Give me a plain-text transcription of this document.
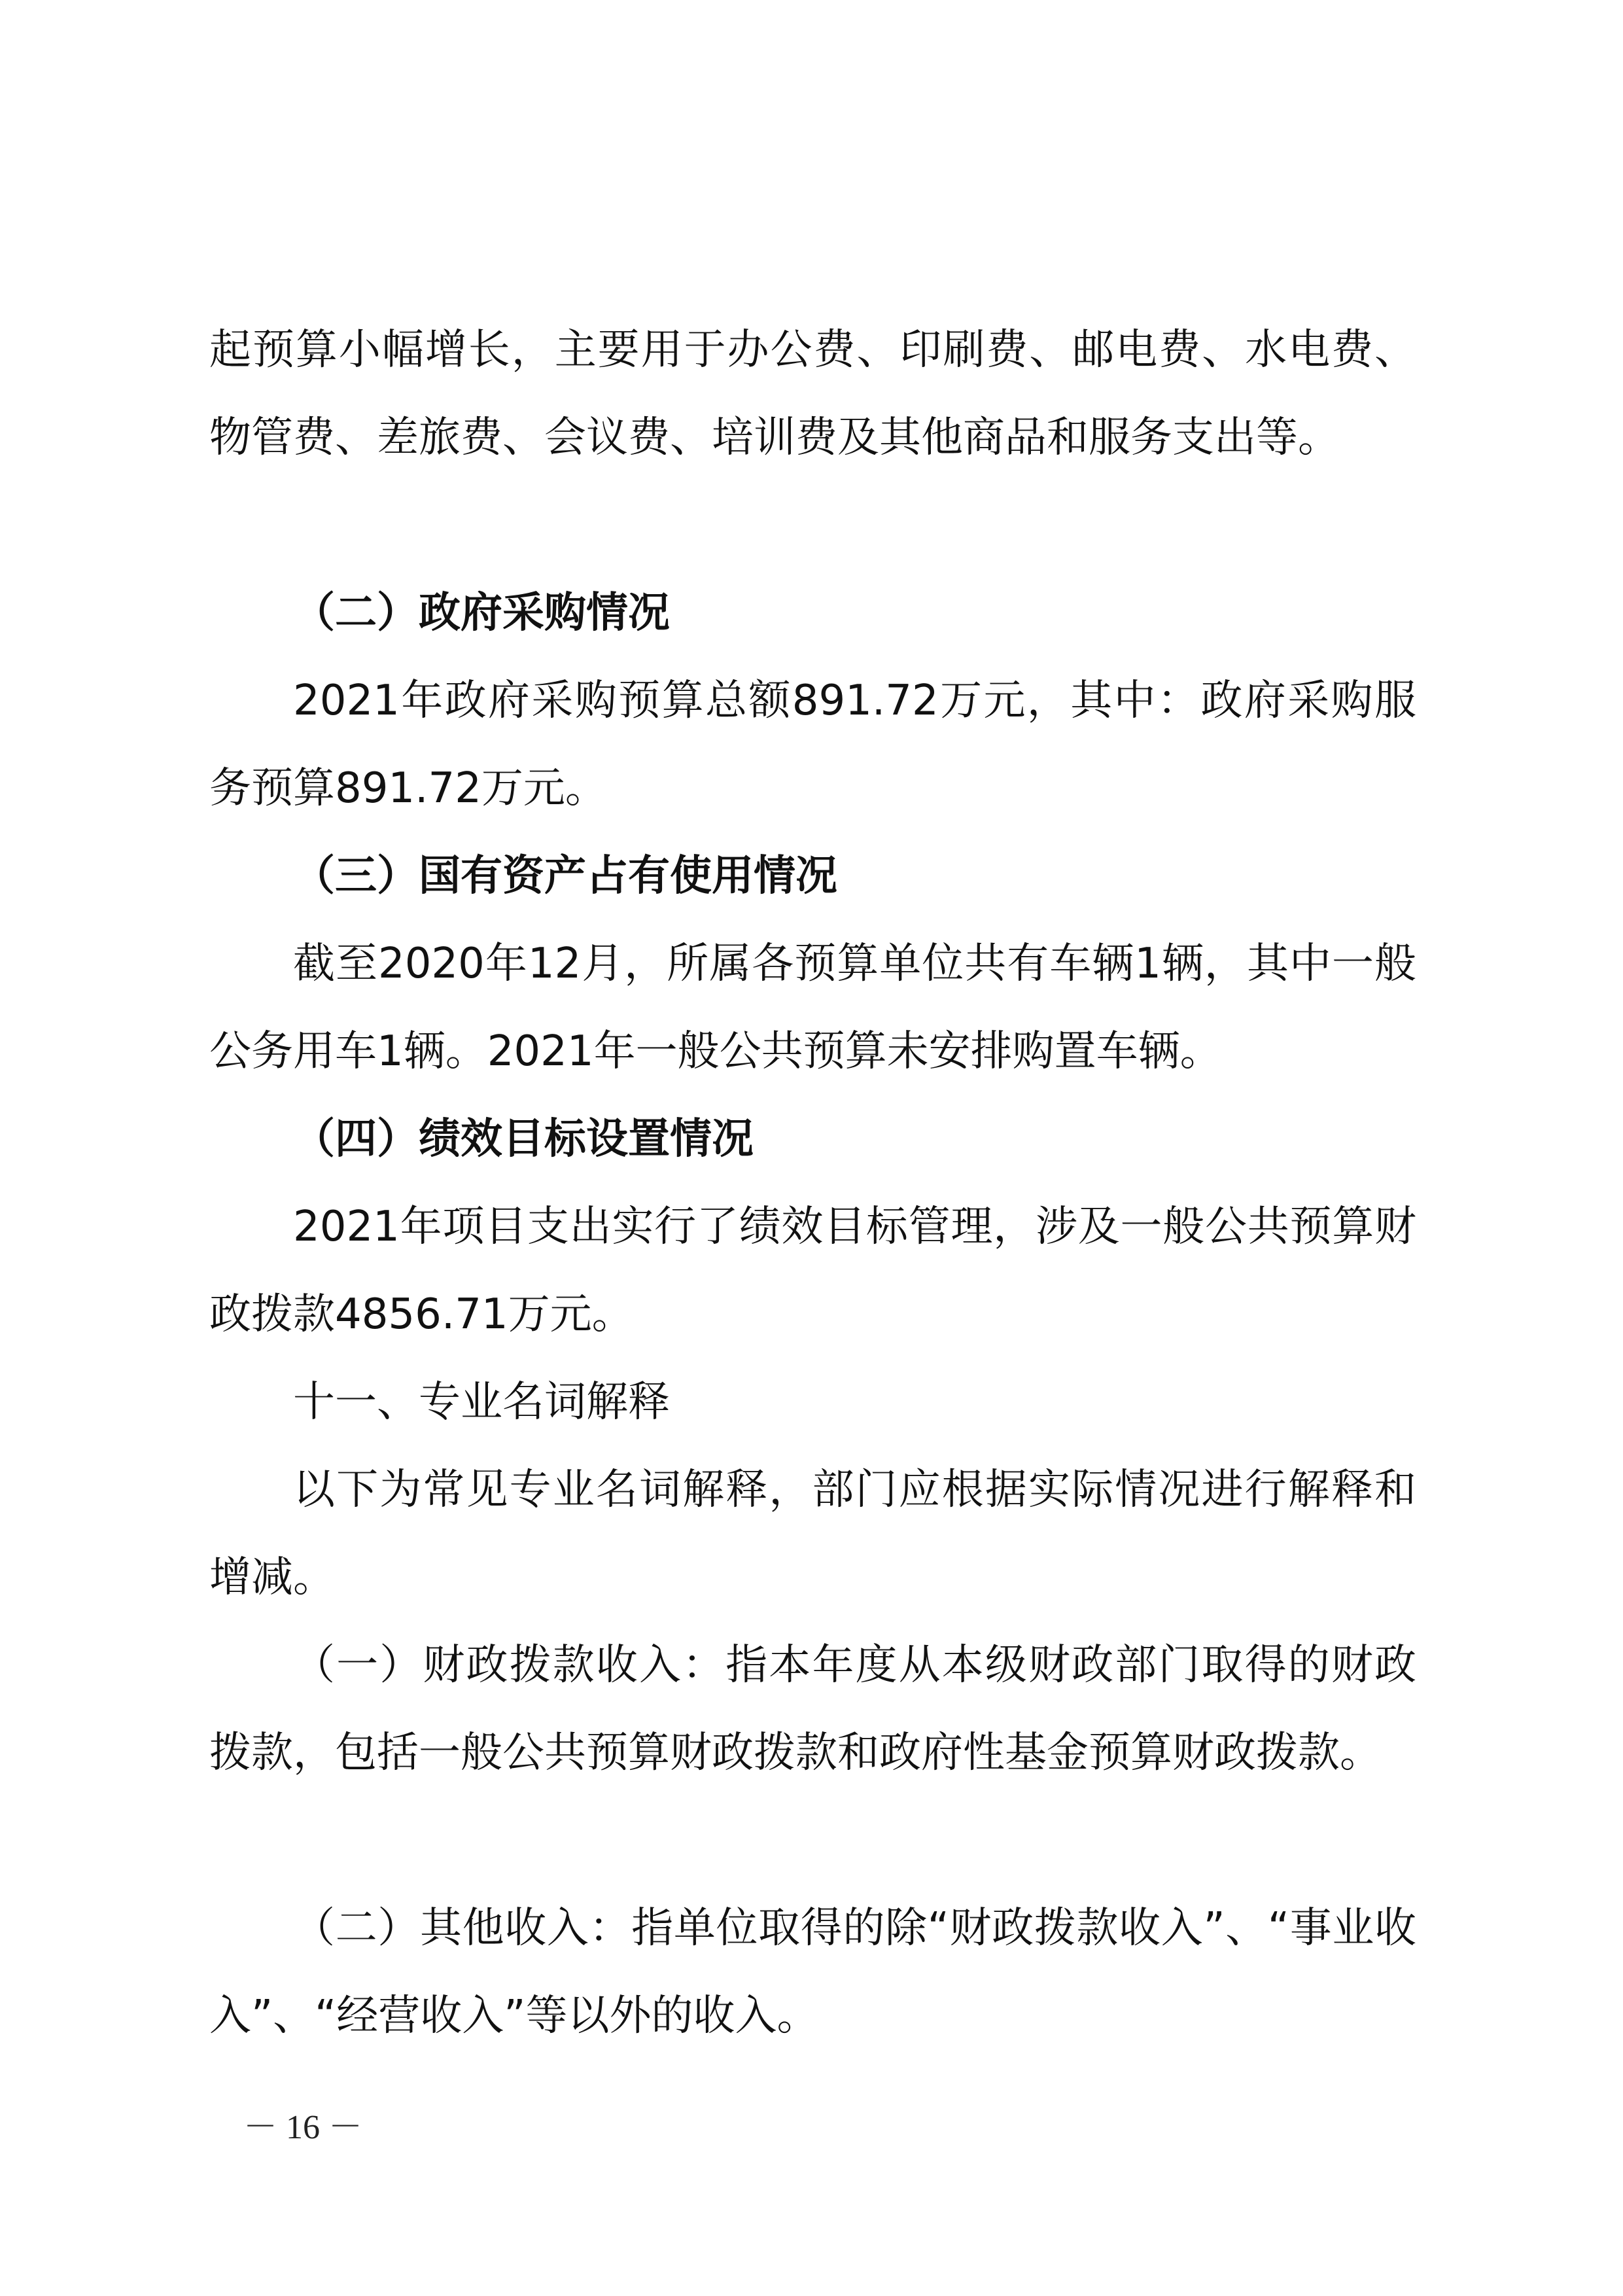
起预算小幅增长，主要用于办公费、印刷费、邮电费、水电费、物管费、差旅费、会议费、培训费及其他商品和服务支出等。

（二）政府采购情况

2021年政府采购预算总额891.72万元，其中：政府采购服务预算891.72万元。

（三）国有资产占有使用情况

截至2020年12月，所属各预算单位共有车辆1辆，其中一般公务用车1辆。2021年一般公共预算未安排购置车辆。

（四）绩效目标设置情况

2021年项目支出实行了绩效目标管理，涉及一般公共预算财政拨款4856.71万元。

十一、专业名词解释

以下为常见专业名词解释，部门应根据实际情况进行解释和增减。

（一）财政拨款收入：指本年度从本级财政部门取得的财政拨款，包括一般公共预算财政拨款和政府性基金预算财政拨款。

（二）其他收入：指单位取得的除“财政拨款收入”、“事业收入”、“经营收入”等以外的收入。

－ 16 －
